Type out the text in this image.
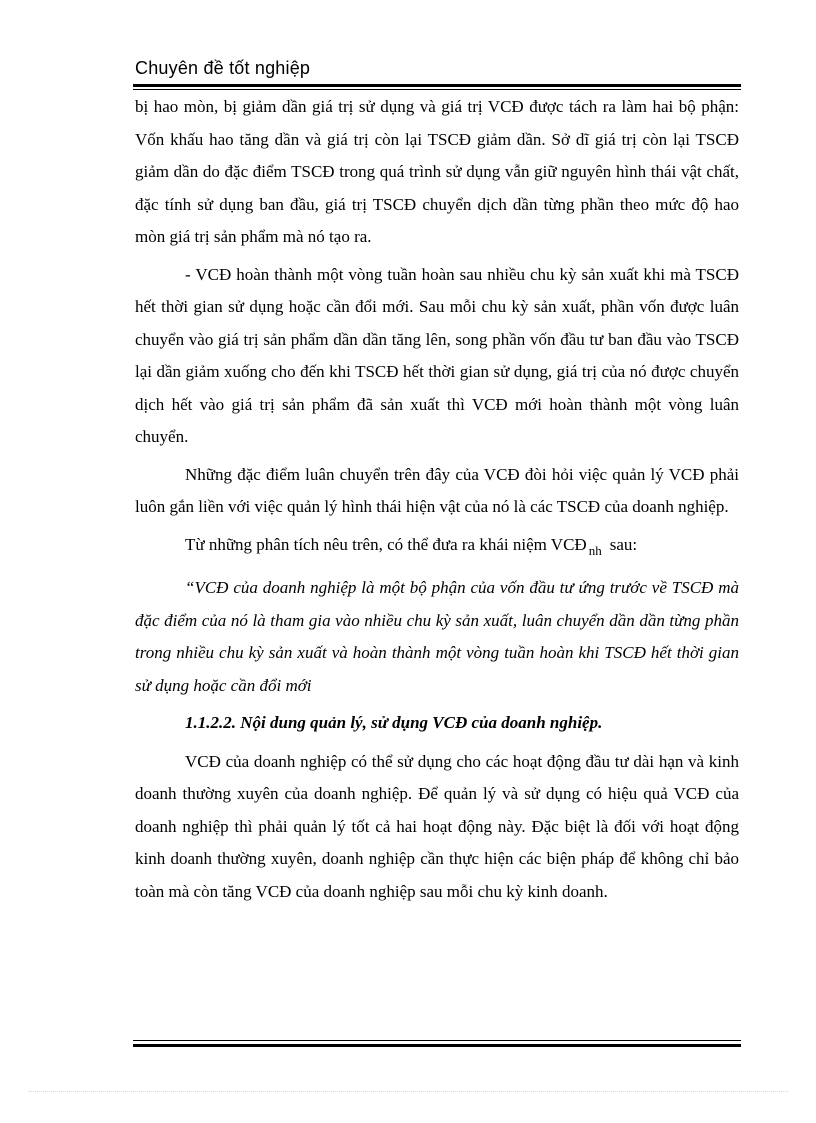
Chuyên đề tốt nghiệp

bị hao mòn, bị giảm dần giá trị sử dụng và giá trị VCĐ được tách ra làm hai bộ phận: Vốn khấu hao tăng dần và giá trị còn lại TSCĐ giảm dần. Sở dĩ giá trị còn lại TSCĐ giảm dần do đặc điểm TSCĐ trong quá trình sử dụng vẫn giữ nguyên hình thái vật chất, đặc tính sử dụng ban đầu, giá trị TSCĐ chuyển dịch dần từng phần theo mức độ hao mòn giá trị sản phẩm mà nó tạo ra.

- VCĐ hoàn thành một vòng tuần hoàn sau nhiều chu kỳ sản xuất khi mà TSCĐ hết thời gian sử dụng hoặc cần đổi mới. Sau mỗi chu kỳ sản xuất, phần vốn được luân chuyển vào giá trị sản phẩm dần dần tăng lên, song phần vốn đầu tư ban đầu vào TSCĐ lại dần giảm xuống cho đến khi TSCĐ hết thời gian sử dụng, giá trị của nó được chuyển dịch hết vào giá trị sản phẩm đã sản xuất thì VCĐ mới hoàn thành một vòng luân chuyển.

Những đặc điểm luân chuyển trên đây của VCĐ đòi hỏi việc quản lý VCĐ phải luôn gắn liền với việc quản lý hình thái hiện vật của nó là các TSCĐ của doanh nghiệp.

Từ những phân tích nêu trên, có thể đưa ra khái niệm VCĐ $_{nh}$ sau:

“VCĐ của doanh nghiệp là một bộ phận của vốn đầu tư ứng trước về TSCĐ mà đặc điểm của nó là tham gia vào nhiều chu kỳ sản xuất, luân chuyển dần dần từng phần trong nhiều chu kỳ sản xuất và hoàn thành một vòng tuần hoàn khi TSCĐ hết thời gian sử dụng hoặc cần đổi mới

1.1.2.2. Nội dung quản lý, sử dụng VCĐ của doanh nghiệp.

VCĐ của doanh nghiệp có thể sử dụng cho các hoạt động đầu tư dài hạn và kinh doanh thường xuyên của doanh nghiệp. Để quản lý và sử dụng có hiệu quả VCĐ của doanh nghiệp thì phải quản lý tốt cả hai hoạt động này. Đặc biệt là đối với hoạt động kinh doanh thường xuyên, doanh nghiệp cần thực hiện các biện pháp để không chỉ bảo toàn mà còn tăng VCĐ của doanh nghiệp sau mỗi chu kỳ kinh doanh.
